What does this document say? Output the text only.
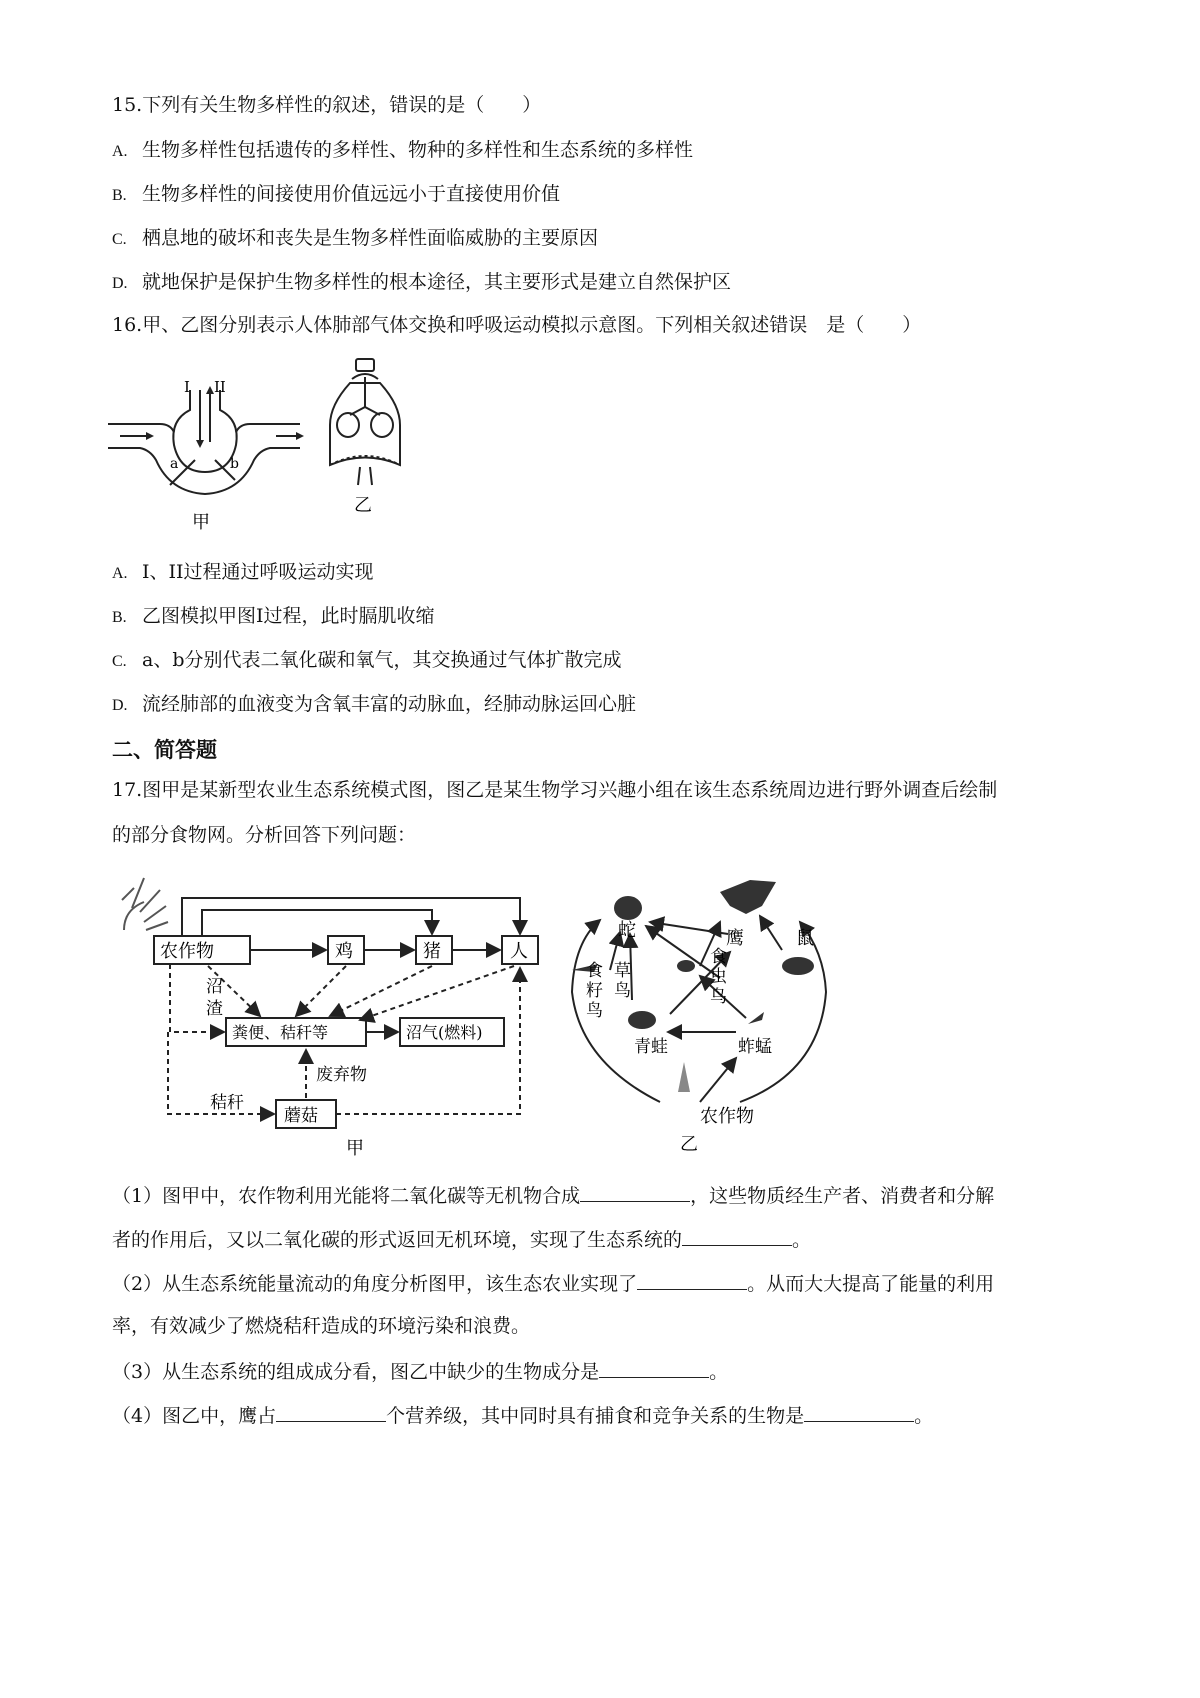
15.下列有关生物多样性的叙述，错误的是（　　）
A. 生物多样性包括遗传的多样性、物种的多样性和生态系统的多样性
B. 生物多样性的间接使用价值远远小于直接使用价值
C. 栖息地的破坏和丧失是生物多样性面临威胁的主要原因
D. 就地保护是保护生物多样性的根本途径，其主要形式是建立自然保护区
16.甲、乙图分别表示人体肺部气体交换和呼吸运动模拟示意图。下列相关叙述错误　是（　　）
I II
a	b
甲
乙
A. I、II过程通过呼吸运动实现
B. 乙图模拟甲图I过程，此时膈肌收缩
C. a、b分别代表二氧化碳和氧气，其交换通过气体扩散完成
D. 流经肺部的血液变为含氧丰富的动脉血，经肺动脉运回心脏
二、简答题
17.图甲是某新型农业生态系统模式图，图乙是某生物学习兴趣小组在该生态系统周边进行野外调查后绘制
的部分食物网。分析回答下列问题：
农作物	鸡	猪	人
沼
渣
粪便、秸秆等	沼气(燃料)
废弃物
秸秆
蘑菇
甲
蛇	鹰	鼠
食
籽
鸟
草
鸟
食
虫
鸟
青蛙	蚱蜢
农作物
乙
（1）图甲中，农作物利用光能将二氧化碳等无机物合成	，这些物质经生产者、消费者和分解
者的作用后，又以二氧化碳的形式返回无机环境，实现了生态系统的	。
（2）从生态系统能量流动的角度分析图甲，该生态农业实现了	。从而大大提高了能量的利用
率，有效减少了燃烧秸秆造成的环境污染和浪费。
（3）从生态系统的组成成分看，图乙中缺少的生物成分是	。
（4）图乙中，鹰占	个营养级，其中同时具有捕食和竞争关系的生物是	。
